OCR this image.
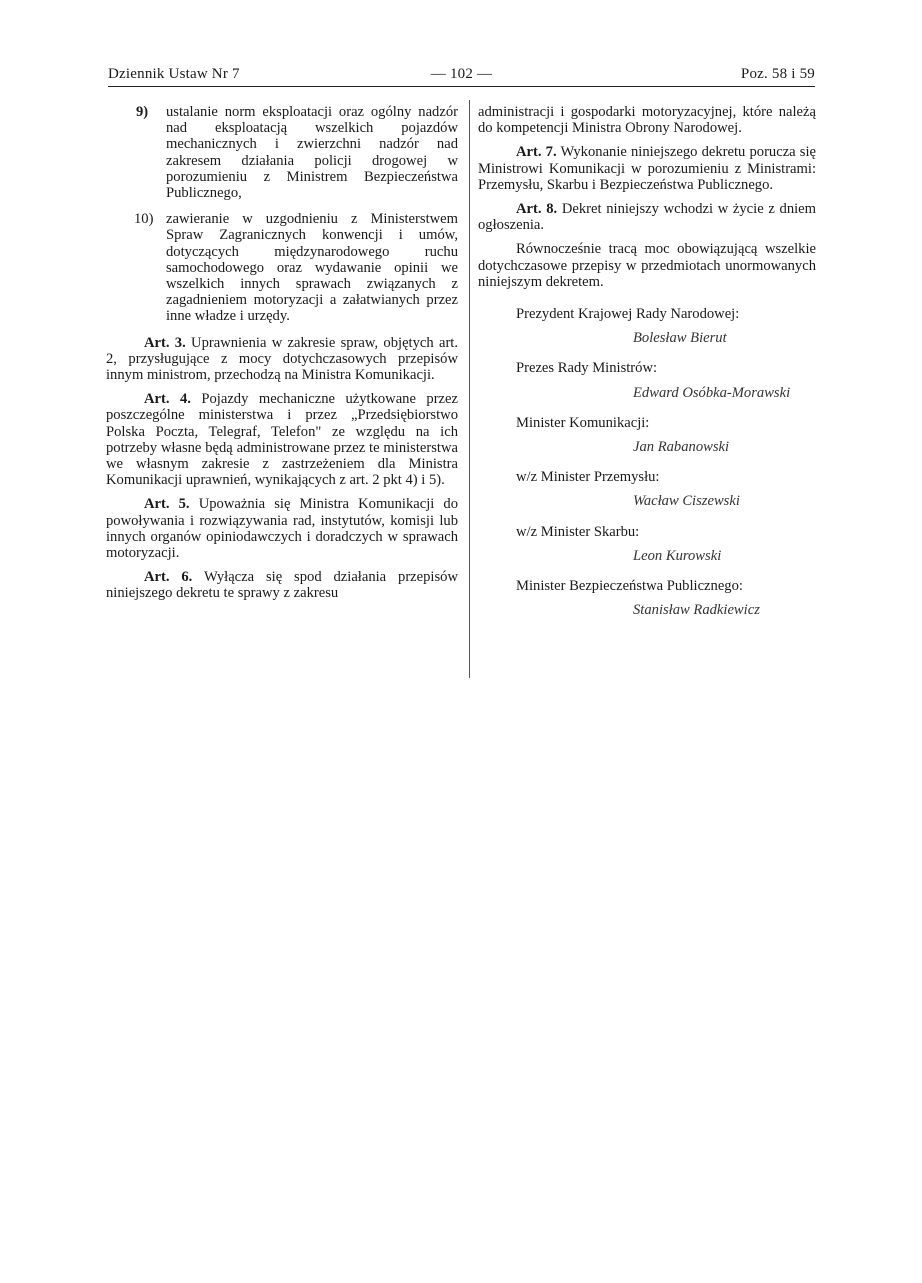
Dziennik Ustaw Nr 7	— 102 —	Poz. 58 i 59

9) ustalanie norm eksploatacji oraz ogólny nadzór nad eksploatacją wszelkich pojazdów mechanicznych i zwierzchni nadzór nad zakresem działania policji drogowej w porozumieniu z Ministrem Bezpieczeństwa Publicznego,

10) zawieranie w uzgodnieniu z Ministerstwem Spraw Zagranicznych konwencji i umów, dotyczących międzynarodowego ruchu samochodowego oraz wydawanie opinii we wszelkich innych sprawach związanych z zagadnieniem motoryzacji a załatwianych przez inne władze i urzędy.

Art. 3. Uprawnienia w zakresie spraw, objętych art. 2, przysługujące z mocy dotychczasowych przepisów innym ministrom, przechodzą na Ministra Komunikacji.

Art. 4. Pojazdy mechaniczne użytkowane przez poszczególne ministerstwa i przez „Przedsiębiorstwo Polska Poczta, Telegraf, Telefon" ze względu na ich potrzeby własne będą administrowane przez te ministerstwa we własnym zakresie z zastrzeżeniem dla Ministra Komunikacji uprawnień, wynikających z art. 2 pkt 4) i 5).

Art. 5. Upoważnia się Ministra Komunikacji do powoływania i rozwiązywania rad, instytutów, komisji lub innych organów opiniodawczych i doradczych w sprawach motoryzacji.

Art. 6. Wyłącza się spod działania przepisów niniejszego dekretu te sprawy z zakresu

administracji i gospodarki motoryzacyjnej, które należą do kompetencji Ministra Obrony Narodowej.

Art. 7. Wykonanie niniejszego dekretu porucza się Ministrowi Komunikacji w porozumieniu z Ministrami: Przemysłu, Skarbu i Bezpieczeństwa Publicznego.

Art. 8. Dekret niniejszy wchodzi w życie z dniem ogłoszenia.

Równocześnie tracą moc obowiązującą wszelkie dotychczasowe przepisy w przedmiotach unormowanych niniejszym dekretem.

Prezydent Krajowej Rady Narodowej:
Bolesław Bierut
Prezes Rady Ministrów:
Edward Osóbka-Morawski
Minister Komunikacji:
Jan Rabanowski
w/z Minister Przemysłu:
Wacław Ciszewski
w/z Minister Skarbu:
Leon Kurowski
Minister Bezpieczeństwa Publicznego:
Stanisław Radkiewicz
